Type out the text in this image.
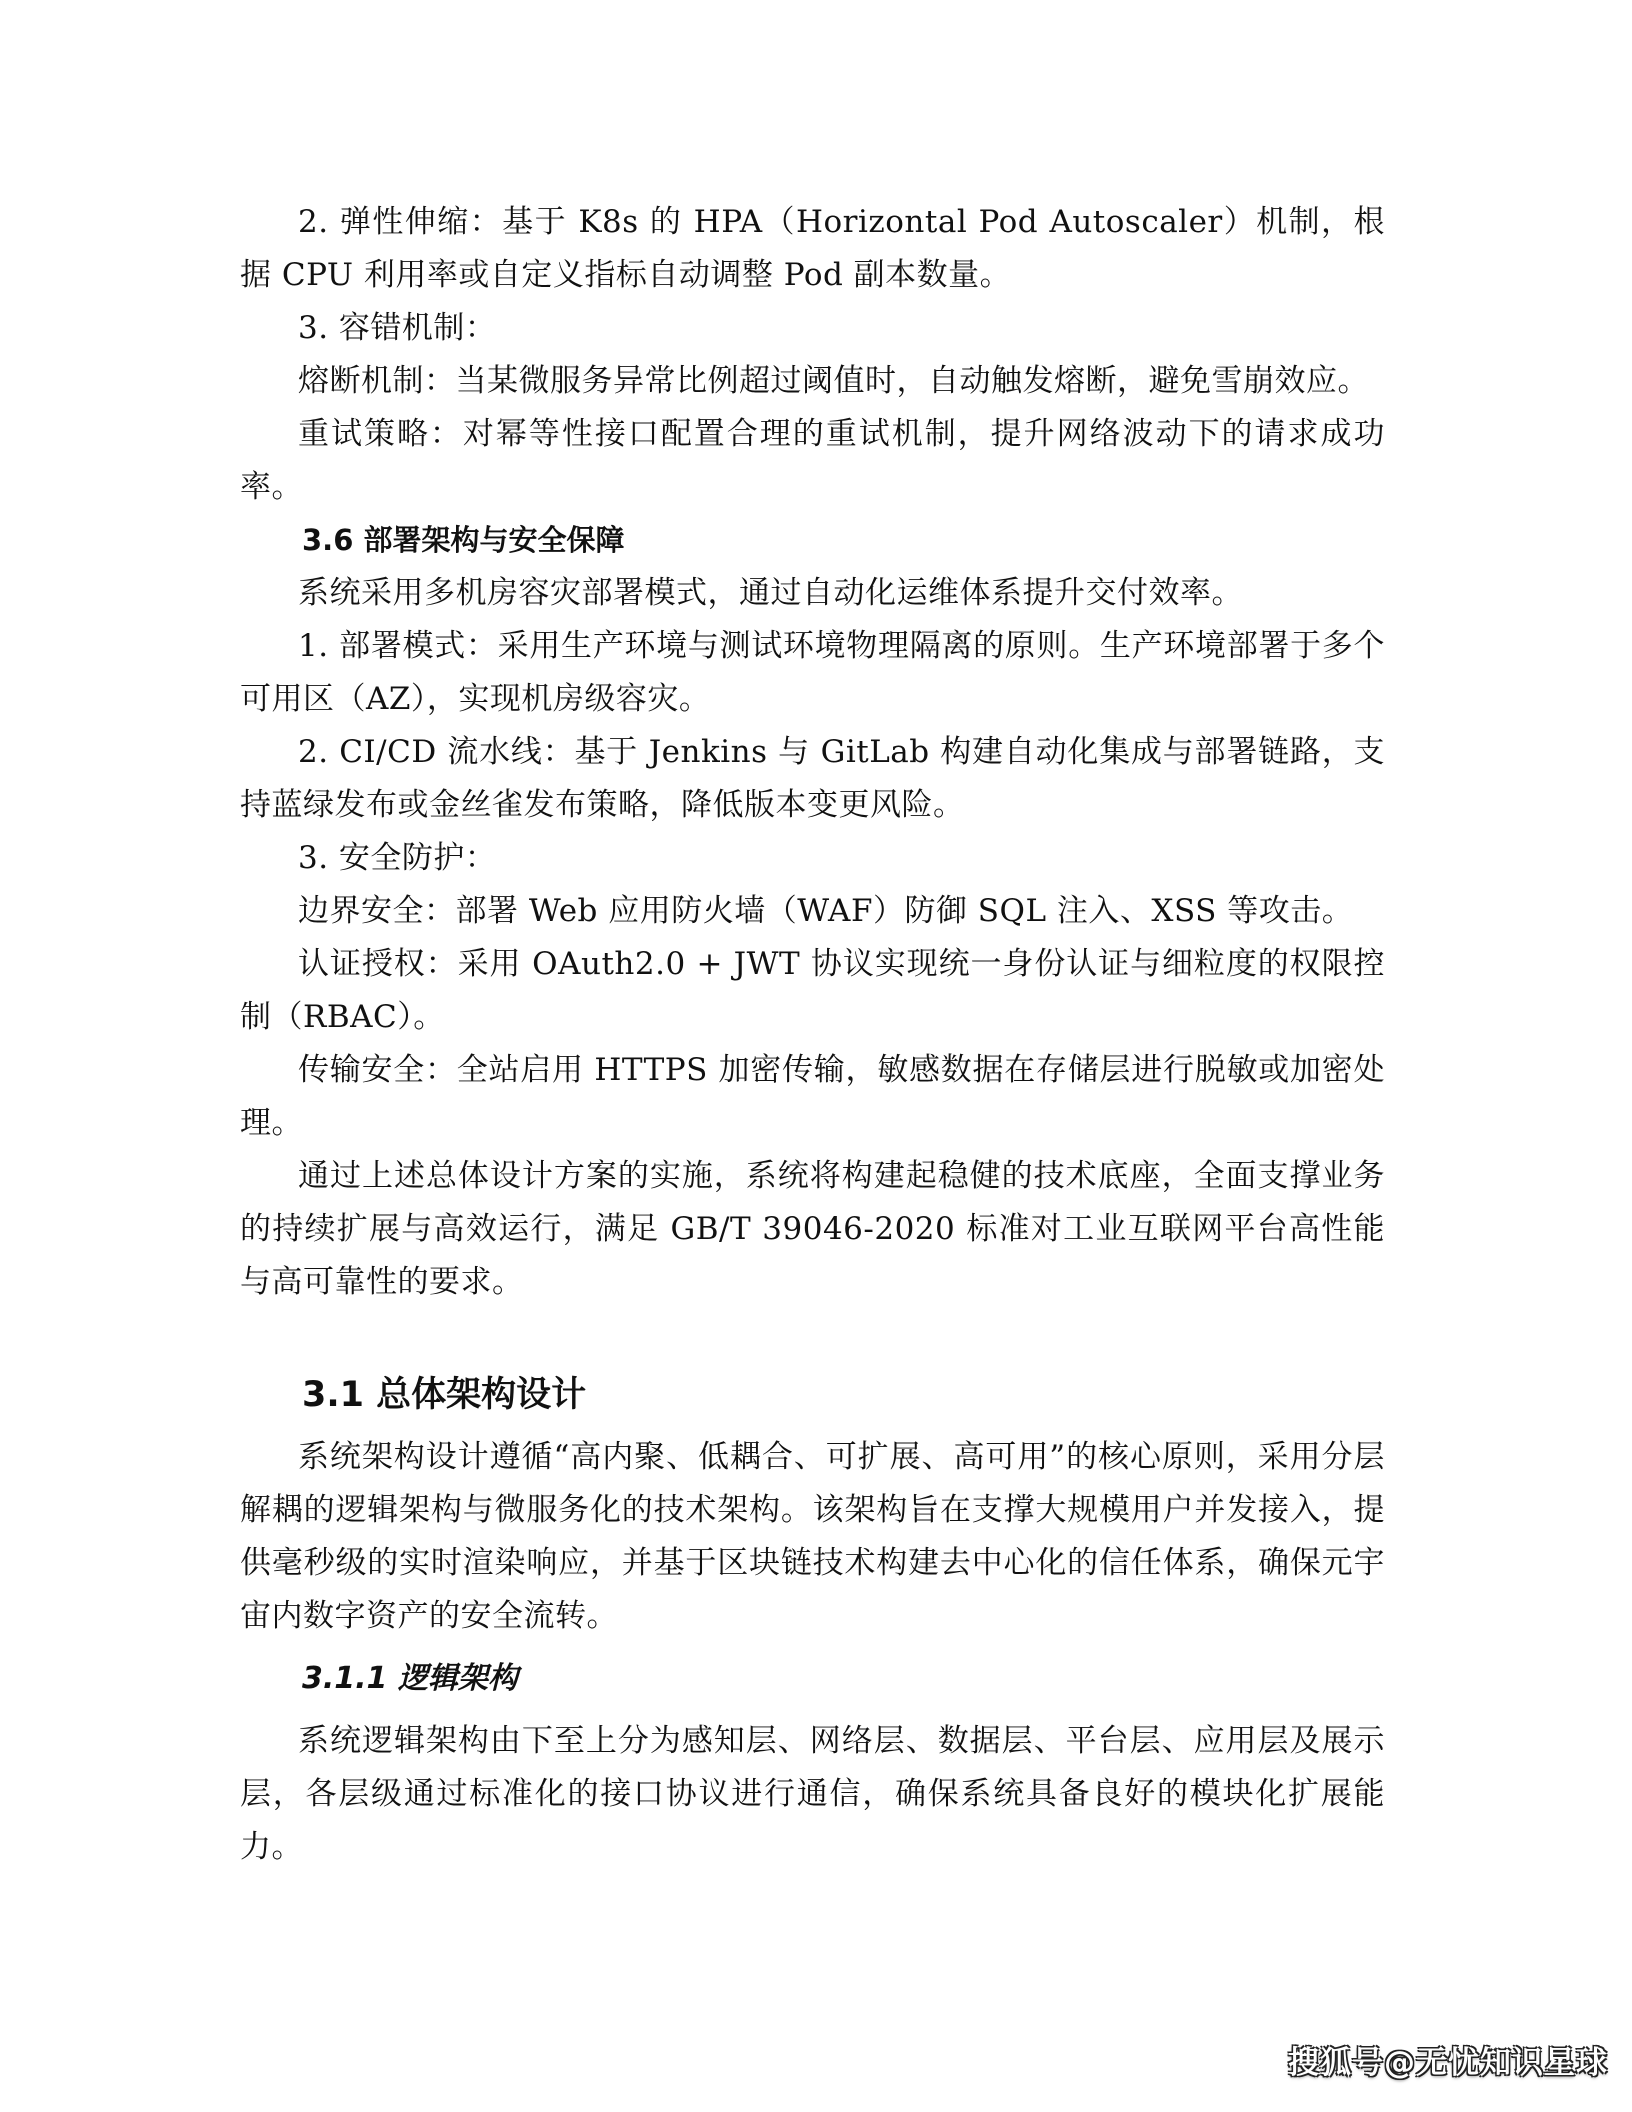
2. 弹性伸缩：基于 K8s 的 HPA（Horizontal Pod Autoscaler）机制，根据 CPU 利用率或自定义指标自动调整 Pod 副本数量。

3. 容错机制：

熔断机制：当某微服务异常比例超过阈值时，自动触发熔断，避免雪崩效应。

重试策略：对幂等性接口配置合理的重试机制，提升网络波动下的请求成功率。

3.6 部署架构与安全保障

系统采用多机房容灾部署模式，通过自动化运维体系提升交付效率。

1. 部署模式：采用生产环境与测试环境物理隔离的原则。生产环境部署于多个可用区（AZ），实现机房级容灾。

2. CI/CD 流水线：基于 Jenkins 与 GitLab 构建自动化集成与部署链路，支持蓝绿发布或金丝雀发布策略，降低版本变更风险。

3. 安全防护：

边界安全：部署 Web 应用防火墙（WAF）防御 SQL 注入、XSS 等攻击。

认证授权：采用 OAuth2.0 + JWT 协议实现统一身份认证与细粒度的权限控制（RBAC）。

传输安全：全站启用 HTTPS 加密传输，敏感数据在存储层进行脱敏或加密处理。

通过上述总体设计方案的实施，系统将构建起稳健的技术底座，全面支撑业务的持续扩展与高效运行，满足 GB/T 39046-2020 标准对工业互联网平台高性能与高可靠性的要求。

3.1 总体架构设计

系统架构设计遵循“高内聚、低耦合、可扩展、高可用”的核心原则，采用分层解耦的逻辑架构与微服务化的技术架构。该架构旨在支撑大规模用户并发接入，提供毫秒级的实时渲染响应，并基于区块链技术构建去中心化的信任体系，确保元宇宙内数字资产的安全流转。

3.1.1 逻辑架构

系统逻辑架构由下至上分为感知层、网络层、数据层、平台层、应用层及展示层，各层级通过标准化的接口协议进行通信，确保系统具备良好的模块化扩展能力。

搜狐号@无忧知识星球
